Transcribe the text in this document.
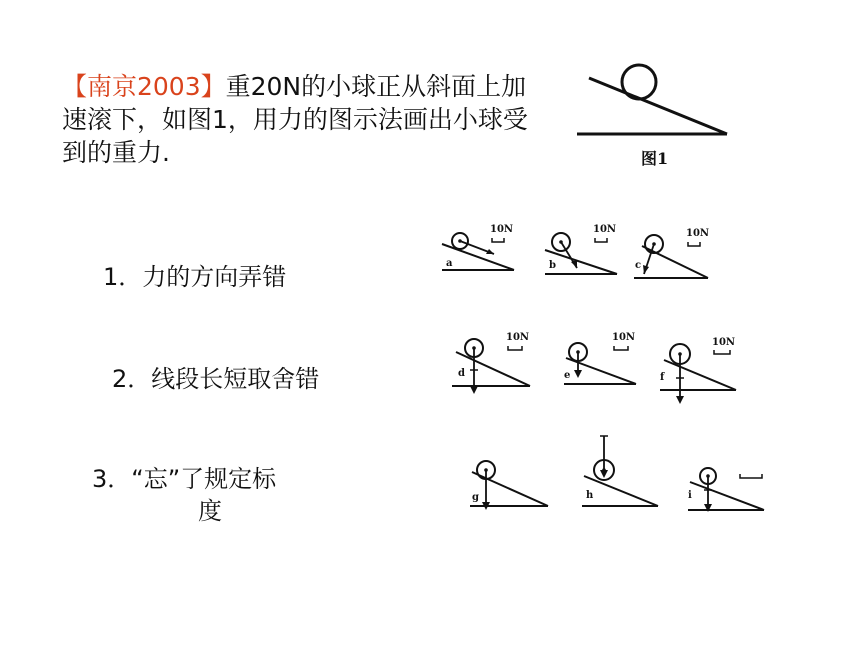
【南京2003】重20N的小球正从斜面上加速滚下，如图1，用力的图示法画出小球受到的重力.	图1
1．力的方向弄错
2．线段长短取舍错
3．“忘”了规定标
度
10N
a
10N
b
10N
c
10N
d
10N
e
10N
f
g	h	i
